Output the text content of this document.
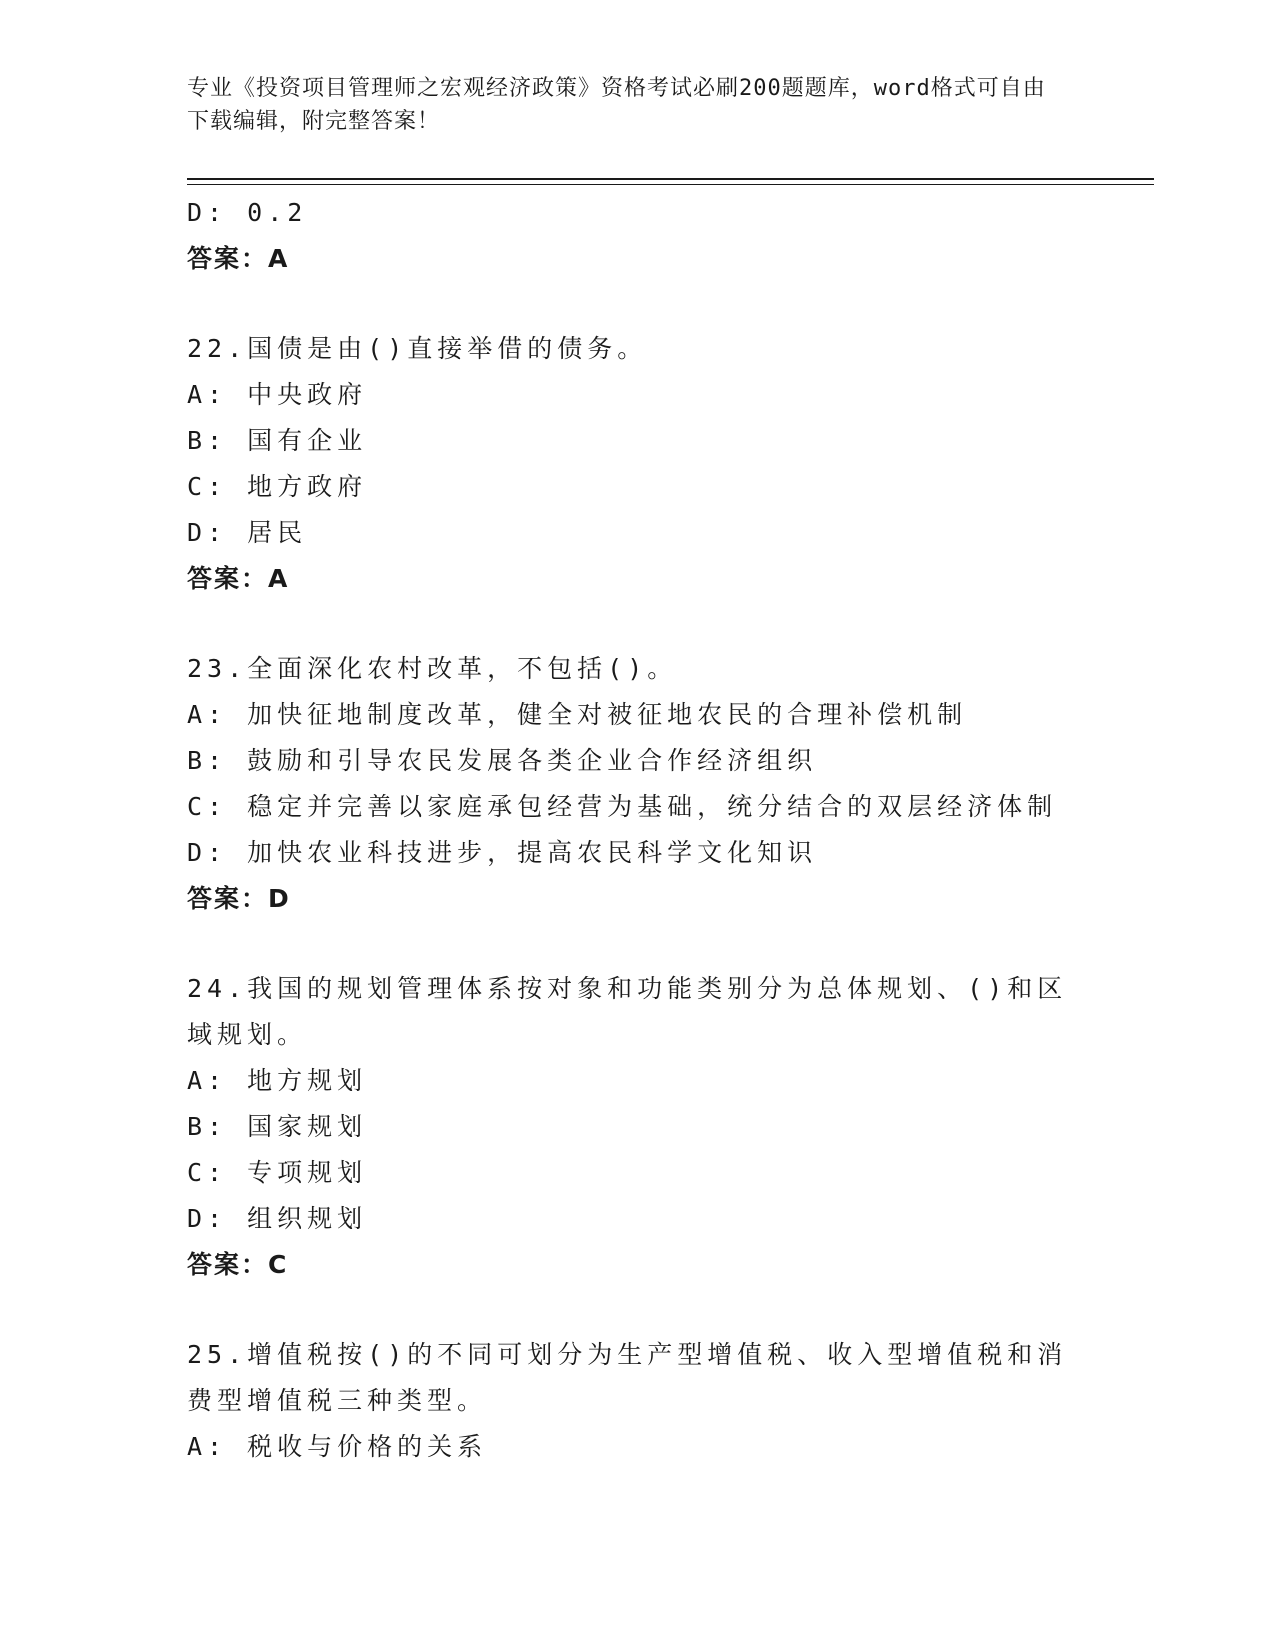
专业《投资项目管理师之宏观经济政策》资格考试必刷200题题库，word格式可自由下载编辑，附完整答案！
D: 0.2
答案：A
22.国债是由()直接举借的债务。
A: 中央政府
B: 国有企业
C: 地方政府
D: 居民
答案：A
23.全面深化农村改革，不包括()。
A: 加快征地制度改革，健全对被征地农民的合理补偿机制
B: 鼓励和引导农民发展各类企业合作经济组织
C: 稳定并完善以家庭承包经营为基础，统分结合的双层经济体制
D: 加快农业科技进步，提高农民科学文化知识
答案：D
24.我国的规划管理体系按对象和功能类别分为总体规划、()和区域规划。
A: 地方规划
B: 国家规划
C: 专项规划
D: 组织规划
答案：C
25.增值税按()的不同可划分为生产型增值税、收入型增值税和消费型增值税三种类型。
A: 税收与价格的关系
